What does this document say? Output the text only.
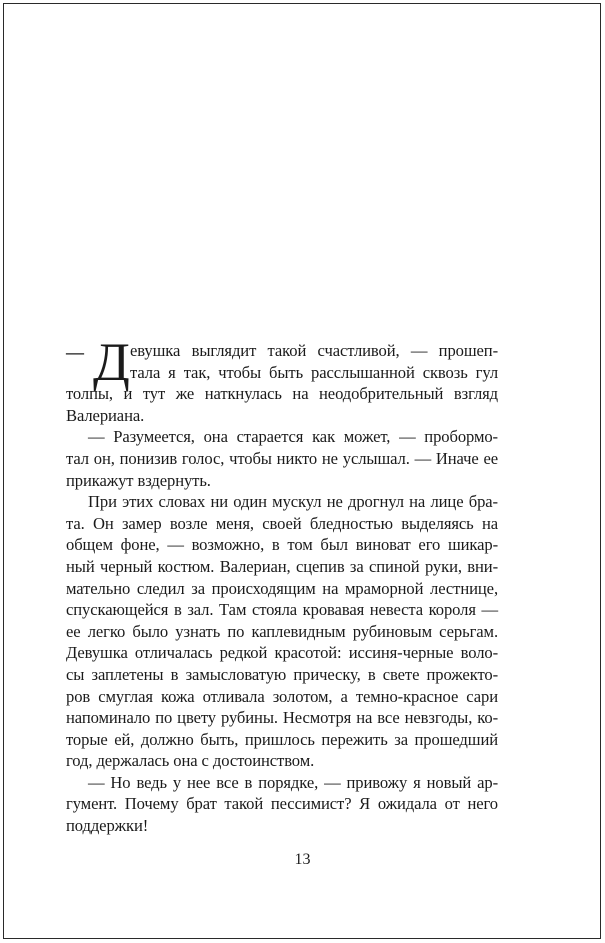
— Д евушка выглядит такой счастливой, — прошеп-
тала я так, чтобы быть расслышанной сквозь гул
толпы, и тут же наткнулась на неодобрительный взгляд
Валериана.
— Разумеется, она старается как может, — пробормо-
тал он, понизив голос, чтобы никто не услышал. — Иначе ее
прикажут вздернуть.
При этих словах ни один мускул не дрогнул на лице бра-
та. Он замер возле меня, своей бледностью выделяясь на
общем фоне, — возможно, в том был виноват его шикар-
ный черный костюм. Валериан, сцепив за спиной руки, вни-
мательно следил за происходящим на мраморной лестнице,
спускающейся в зал. Там стояла кровавая невеста короля —
ее легко было узнать по каплевидным рубиновым серьгам.
Девушка отличалась редкой красотой: иссиня-черные воло-
сы заплетены в замысловатую прическу, в свете прожекто-
ров смуглая кожа отливала золотом, а темно-красное сари
напоминало по цвету рубины. Несмотря на все невзгоды, ко-
торые ей, должно быть, пришлось пережить за прошедший
год, держалась она с достоинством.
— Но ведь у нее все в порядке, — привожу я новый ар-
гумент. Почему брат такой пессимист? Я ожидала от него
поддержки!
13
